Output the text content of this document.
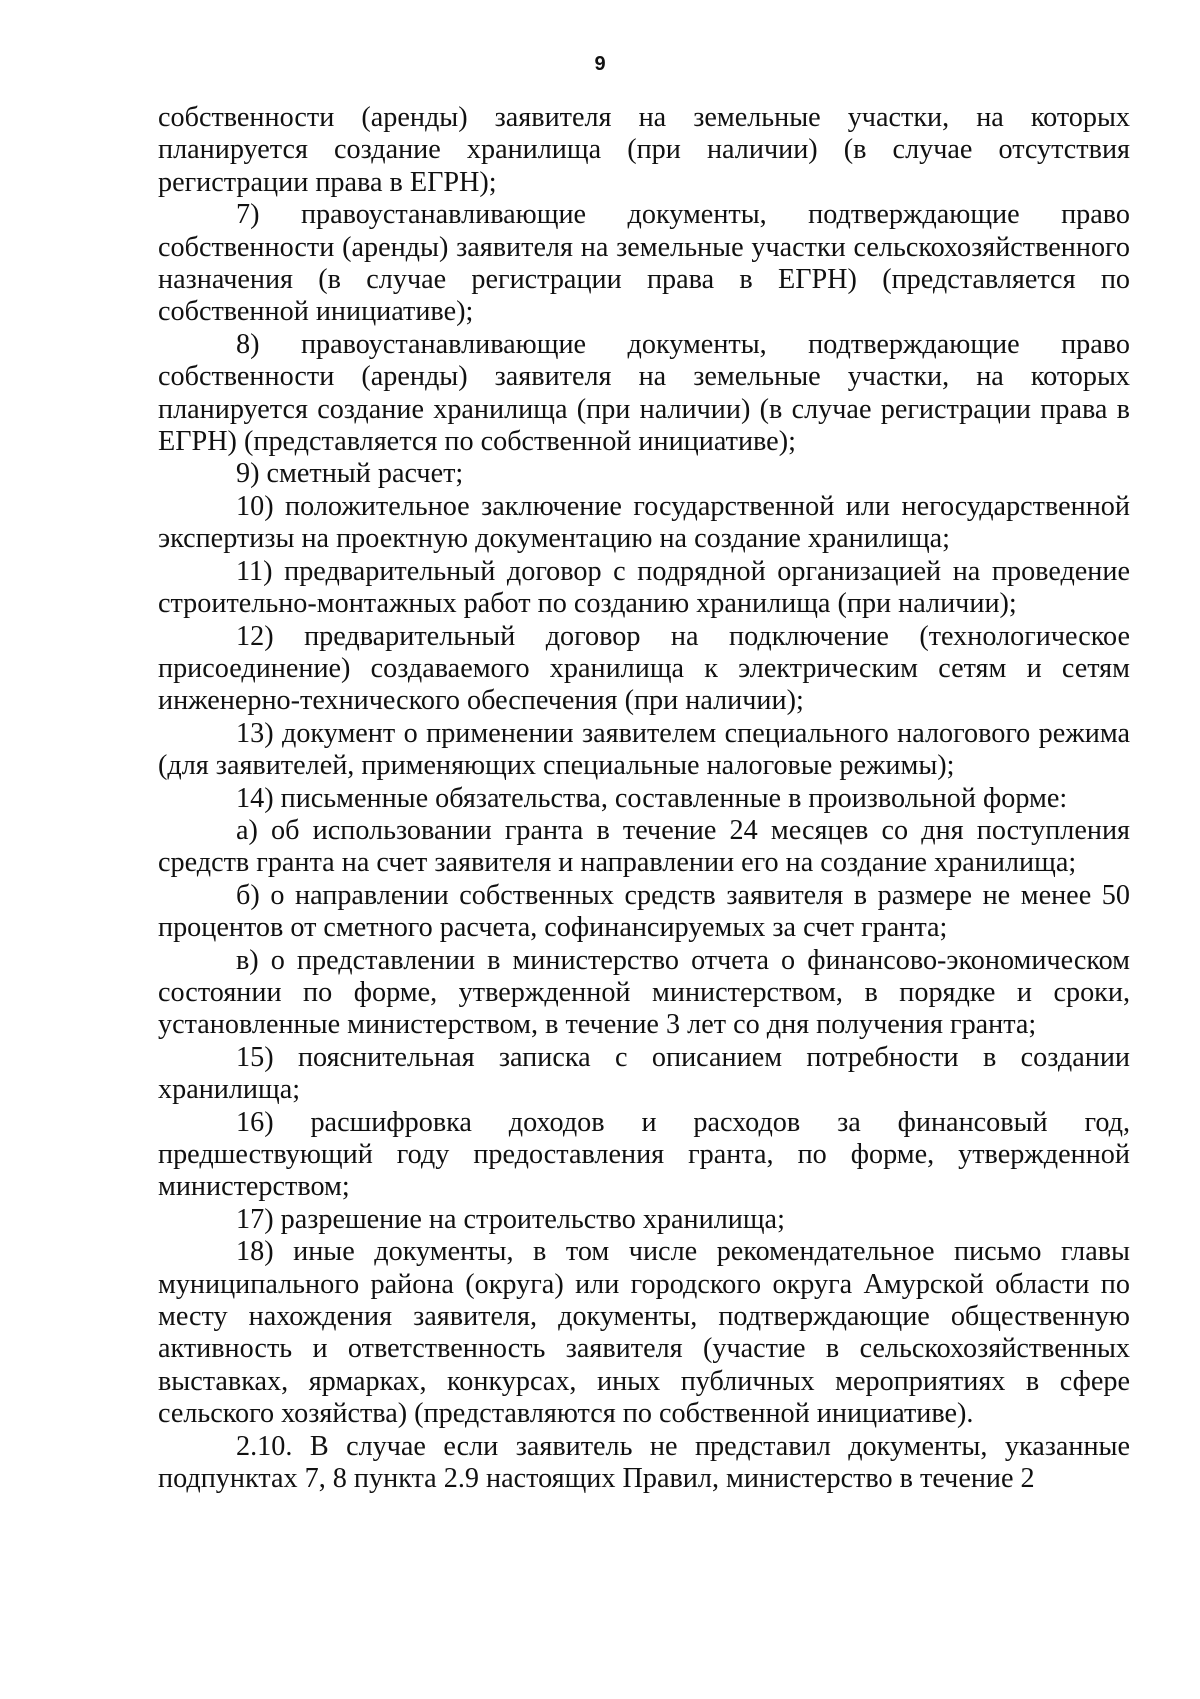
9

собственности (аренды) заявителя на земельные участки, на которых планируется создание хранилища (при наличии) (в случае отсутствия регистрации права в ЕГРН);

7) правоустанавливающие документы, подтверждающие право собственности (аренды) заявителя на земельные участки сельскохозяйственного назначения (в случае регистрации права в ЕГРН) (представляется по собственной инициативе);

8) правоустанавливающие документы, подтверждающие право собственности (аренды) заявителя на земельные участки, на которых планируется создание хранилища (при наличии) (в случае регистрации права в ЕГРН) (представляется по собственной инициативе);

9) сметный расчет;

10) положительное заключение государственной или негосударственной экспертизы на проектную документацию на создание хранилища;

11) предварительный договор с подрядной организацией на проведение строительно-монтажных работ по созданию хранилища (при наличии);

12) предварительный договор на подключение (технологическое присоединение) создаваемого хранилища к электрическим сетям и сетям инженерно-технического обеспечения (при наличии);

13) документ о применении заявителем специального налогового режима (для заявителей, применяющих специальные налоговые режимы);

14) письменные обязательства, составленные в произвольной форме:

а) об использовании гранта в течение 24 месяцев со дня поступления средств гранта на счет заявителя и направлении его на создание хранилища;

б) о направлении собственных средств заявителя в размере не менее 50 процентов от сметного расчета, софинансируемых за счет гранта;

в) о представлении в министерство отчета о финансово-экономическом состоянии по форме, утвержденной министерством, в порядке и сроки, установленные министерством, в течение 3 лет со дня получения гранта;

15) пояснительная записка с описанием потребности в создании хранилища;

16) расшифровка доходов и расходов за финансовый год, предшествующий году предоставления гранта, по форме, утвержденной министерством;

17) разрешение на строительство хранилища;

18) иные документы, в том числе рекомендательное письмо главы муниципального района (округа) или городского округа Амурской области по месту нахождения заявителя, документы, подтверждающие общественную активность и ответственность заявителя (участие в сельскохозяйственных выставках, ярмарках, конкурсах, иных публичных мероприятиях в сфере сельского хозяйства) (представляются по собственной инициативе).

2.10. В случае если заявитель не представил документы, указанные подпунктах 7, 8 пункта 2.9 настоящих Правил, министерство в течение 2
